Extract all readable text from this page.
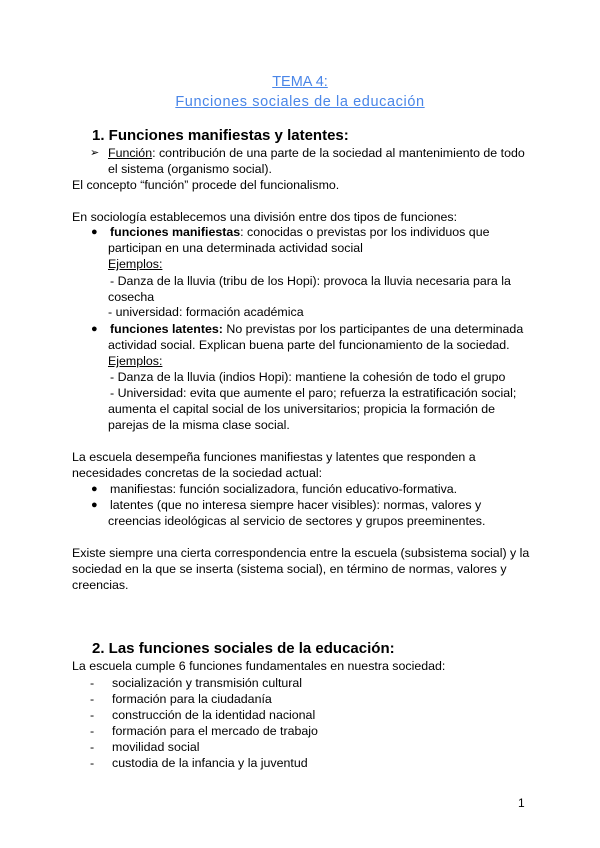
TEMA 4:
Funciones sociales de la educación
1. Funciones manifiestas y latentes:
➢ Función: contribución de una parte de la sociedad al mantenimiento de todo
el sistema (organismo social).
El concepto “función” procede del funcionalismo.
En sociología establecemos una división entre dos tipos de funciones:
● funciones manifiestas: conocidas o previstas por los individuos que
participan en una determinada actividad social
Ejemplos:
- Danza de la lluvia (tribu de los Hopi): provoca la lluvia necesaria para la
cosecha
- universidad: formación académica
● funciones latentes: No previstas por los participantes de una determinada
actividad social. Explican buena parte del funcionamiento de la sociedad.
Ejemplos:
- Danza de la lluvia (indios Hopi): mantiene la cohesión de todo el grupo
- Universidad: evita que aumente el paro; refuerza la estratificación social;
aumenta el capital social de los universitarios; propicia la formación de
parejas de la misma clase social.
La escuela desempeña funciones manifiestas y latentes que responden a
necesidades concretas de la sociedad actual:
● manifiestas: función socializadora, función educativo-formativa.
● latentes (que no interesa siempre hacer visibles): normas, valores y
creencias ideológicas al servicio de sectores y grupos preeminentes.
Existe siempre una cierta correspondencia entre la escuela (subsistema social) y la
sociedad en la que se inserta (sistema social), en término de normas, valores y
creencias.
2. Las funciones sociales de la educación:
La escuela cumple 6 funciones fundamentales en nuestra sociedad:
- socialización y transmisión cultural
- formación para la ciudadanía
- construcción de la identidad nacional
- formación para el mercado de trabajo
- movilidad social
- custodia de la infancia y la juventud
1
